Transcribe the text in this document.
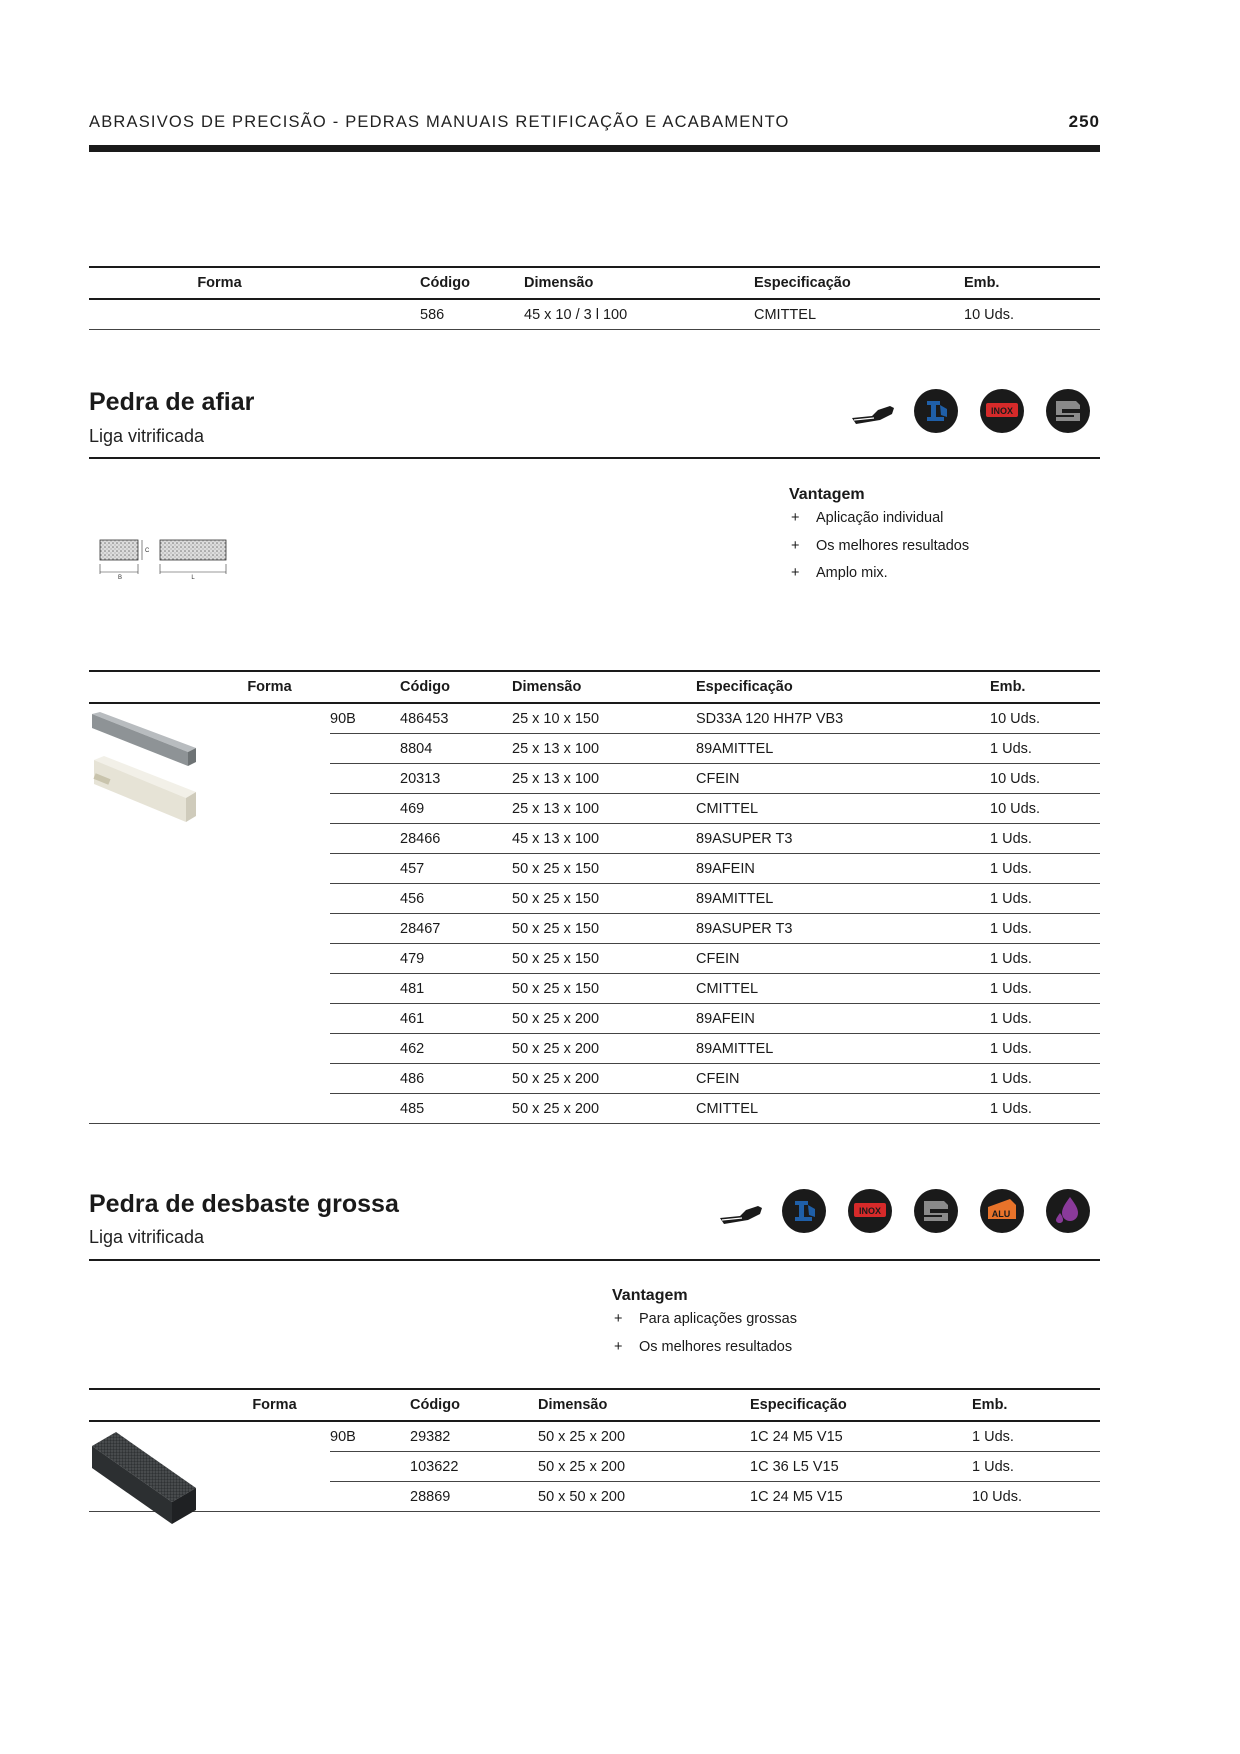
ABRASIVOS DE PRECISÃO - PEDRAS MANUAIS RETIFICAÇÃO E ACABAMENTO	250
Forma	Código	Dimensão	Especificação	Emb.
	586	45 x 10 / 3 l 100	CMITTEL	10 Uds.
Pedra de afiar
Liga vitrificada
INOX
B
C
L
Vantagem
+ Aplicação individual
+ Os melhores resultados
+ Amplo mix.
Forma		Código	Dimensão	Especificação	Emb.
	90B	486453	25 x 10 x 150	SD33A 120 HH7P VB3	10 Uds.
		8804	25 x 13 x 100	89AMITTEL	1 Uds.
		20313	25 x 13 x 100	CFEIN	10 Uds.
		469	25 x 13 x 100	CMITTEL	10 Uds.
		28466	45 x 13 x 100	89ASUPER T3	1 Uds.
		457	50 x 25 x 150	89AFEIN	1 Uds.
		456	50 x 25 x 150	89AMITTEL	1 Uds.
		28467	50 x 25 x 150	89ASUPER T3	1 Uds.
		479	50 x 25 x 150	CFEIN	1 Uds.
		481	50 x 25 x 150	CMITTEL	1 Uds.
		461	50 x 25 x 200	89AFEIN	1 Uds.
		462	50 x 25 x 200	89AMITTEL	1 Uds.
		486	50 x 25 x 200	CFEIN	1 Uds.
		485	50 x 25 x 200	CMITTEL	1 Uds.
Pedra de desbaste grossa
Liga vitrificada
INOX	ALU
Vantagem
+ Para aplicações grossas
+ Os melhores resultados
Forma		Código	Dimensão	Especificação	Emb.
	90B	29382	50 x 25 x 200	1C 24 M5 V15	1 Uds.
		103622	50 x 25 x 200	1C 36 L5 V15	1 Uds.
		28869	50 x 50 x 200	1C 24 M5 V15	10 Uds.
